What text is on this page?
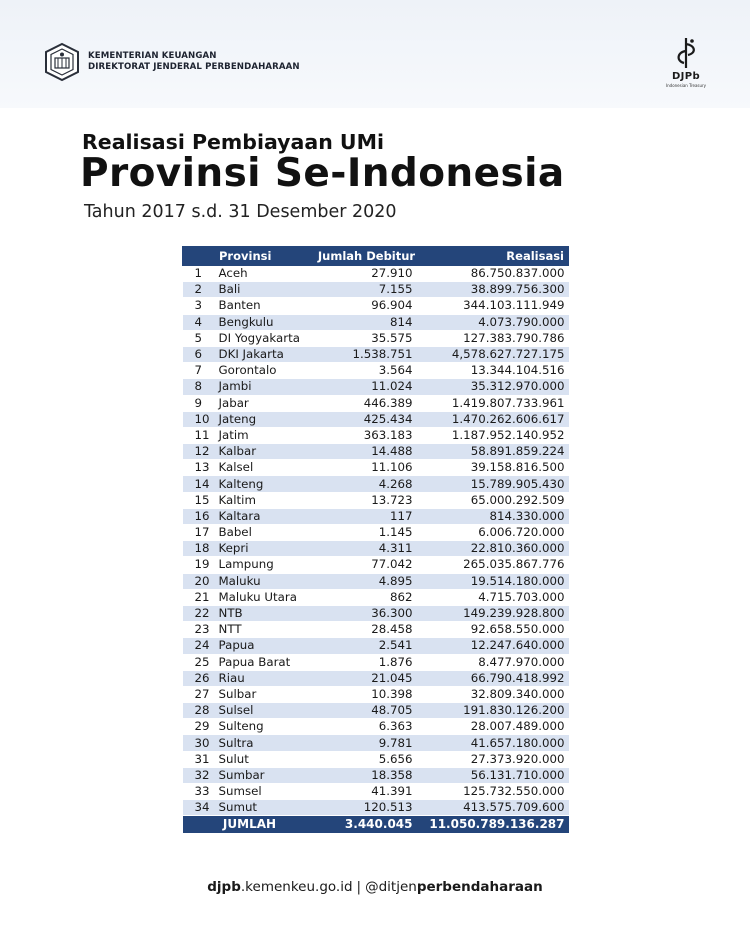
KEMENTERIAN KEUANGAN
DIREKTORAT JENDERAL PERBENDAHARAAN
DJPb
Indonesian Treasury
Realisasi Pembiayaan UMi
Provinsi Se-Indonesia
Tahun 2017 s.d. 31 Desember 2020
	Provinsi	Jumlah Debitur	Realisasi
1	Aceh	27.910	86.750.837.000
2	Bali	7.155	38.899.756.300
3	Banten	96.904	344.103.111.949
4	Bengkulu	814	4.073.790.000
5	DI Yogyakarta	35.575	127.383.790.786
6	DKI Jakarta	1.538.751	4,578.627.727.175
7	Gorontalo	3.564	13.344.104.516
8	Jambi	11.024	35.312.970.000
9	Jabar	446.389	1.419.807.733.961
10	Jateng	425.434	1.470.262.606.617
11	Jatim	363.183	1.187.952.140.952
12	Kalbar	14.488	58.891.859.224
13	Kalsel	11.106	39.158.816.500
14	Kalteng	4.268	15.789.905.430
15	Kaltim	13.723	65.000.292.509
16	Kaltara	117	814.330.000
17	Babel	1.145	6.006.720.000
18	Kepri	4.311	22.810.360.000
19	Lampung	77.042	265.035.867.776
20	Maluku	4.895	19.514.180.000
21	Maluku Utara	862	4.715.703.000
22	NTB	36.300	149.239.928.800
23	NTT	28.458	92.658.550.000
24	Papua	2.541	12.247.640.000
25	Papua Barat	1.876	8.477.970.000
26	Riau	21.045	66.790.418.992
27	Sulbar	10.398	32.809.340.000
28	Sulsel	48.705	191.830.126.200
29	Sulteng	6.363	28.007.489.000
30	Sultra	9.781	41.657.180.000
31	Sulut	5.656	27.373.920.000
32	Sumbar	18.358	56.131.710.000
33	Sumsel	41.391	125.732.550.000
34	Sumut	120.513	413.575.709.600
JUMLAH		3.440.045	11.050.789.136.287
djpb.kemenkeu.go.id | @ditjenperbendaharaan
